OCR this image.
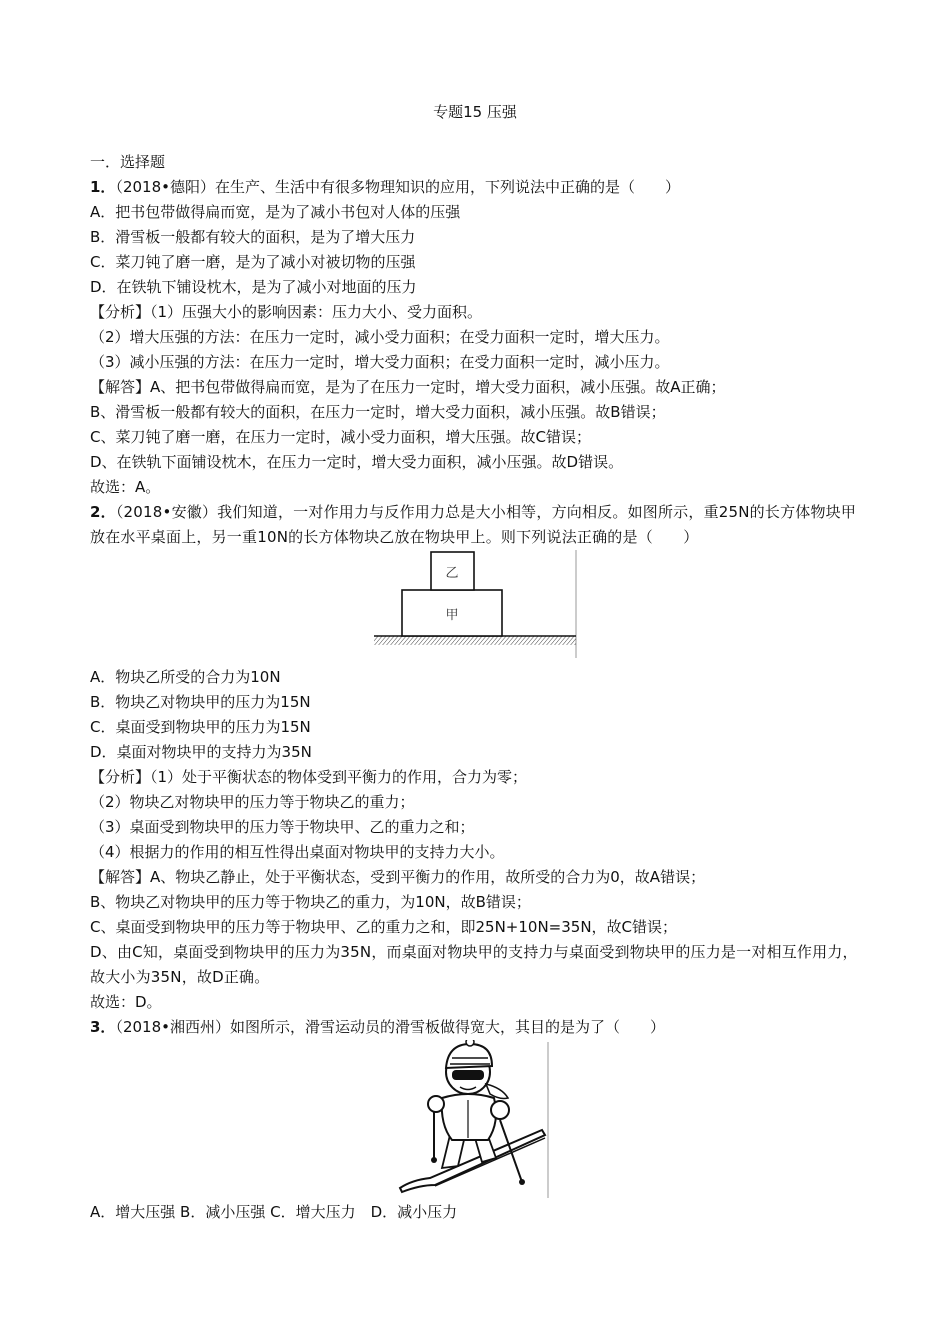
专题15 压强
一．选择题
1．（2018•德阳）在生产、生活中有很多物理知识的应用，下列说法中正确的是（　　）
A．把书包带做得扁而宽，是为了减小书包对人体的压强
B．滑雪板一般都有较大的面积，是为了增大压力
C．菜刀钝了磨一磨，是为了减小对被切物的压强
D．在铁轨下铺设枕木，是为了减小对地面的压力
【分析】（1）压强大小的影响因素：压力大小、受力面积。
（2）增大压强的方法：在压力一定时，减小受力面积；在受力面积一定时，增大压力。
（3）减小压强的方法：在压力一定时，增大受力面积；在受力面积一定时，减小压力。
【解答】A、把书包带做得扁而宽，是为了在压力一定时，增大受力面积，减小压强。故A正确；
B、滑雪板一般都有较大的面积，在压力一定时，增大受力面积，减小压强。故B错误；
C、菜刀钝了磨一磨，在压力一定时，减小受力面积，增大压强。故C错误；
D、在铁轨下面铺设枕木，在压力一定时，增大受力面积，减小压强。故D错误。
故选：A。
2．（2018•安徽）我们知道，一对作用力与反作用力总是大小相等，方向相反。如图所示，重25N的长方体物块甲放在水平桌面上，另一重10N的长方体物块乙放在物块甲上。则下列说法正确的是（　　）
乙
甲
A．物块乙所受的合力为10N
B．物块乙对物块甲的压力为15N
C．桌面受到物块甲的压力为15N
D．桌面对物块甲的支持力为35N
【分析】（1）处于平衡状态的物体受到平衡力的作用，合力为零；
（2）物块乙对物块甲的压力等于物块乙的重力；
（3）桌面受到物块甲的压力等于物块甲、乙的重力之和；
（4）根据力的作用的相互性得出桌面对物块甲的支持力大小。
【解答】A、物块乙静止，处于平衡状态，受到平衡力的作用，故所受的合力为0，故A错误；
B、物块乙对物块甲的压力等于物块乙的重力，为10N，故B错误；
C、桌面受到物块甲的压力等于物块甲、乙的重力之和，即25N+10N=35N，故C错误；
D、由C知，桌面受到物块甲的压力为35N，而桌面对物块甲的支持力与桌面受到物块甲的压力是一对相互作用力，故大小为35N，故D正确。
故选：D。
3．（2018•湘西州）如图所示，滑雪运动员的滑雪板做得宽大，其目的是为了（　　）
A．增大压强 B．减小压强 C．增大压力　D．减小压力
